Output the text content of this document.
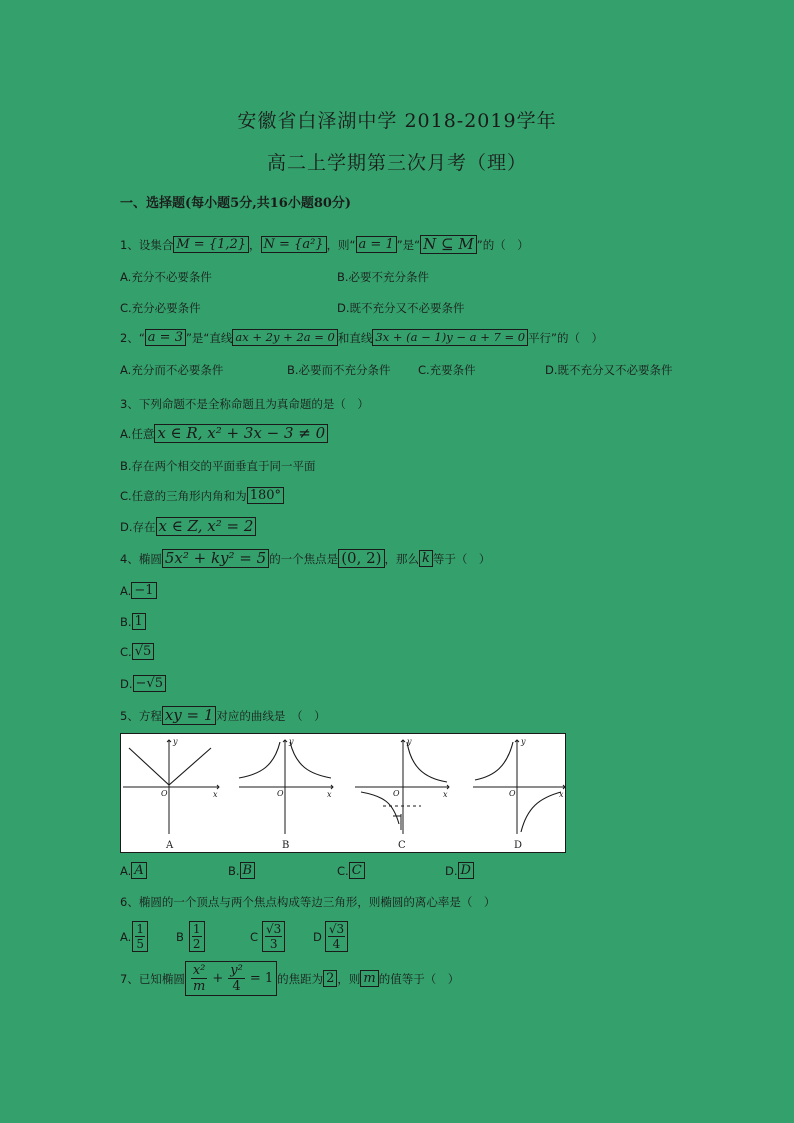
安徽省白泽湖中学 2018-2019学年
高二上学期第三次月考（理）
一、选择题(每小题5分,共16小题80分)
1、设集合 M = {1,2} ， N = {a²} ，则“ a = 1 ”是“ N ⊆ M ”的（　）
A.充分不必要条件	B.必要不充分条件
C.充分必要条件	D.既不充分又不必要条件
2、“ a = 3 ”是“直线 ax + 2y + 2a = 0 和直线 3x + (a − 1)y − a + 7 = 0 平行”的（　）
A.充分而不必要条件	B.必要而不充分条件 C.充要条件	D.既不充分又不必要条件
3、下列命题不是全称命题且为真命题的是（　）
A.任意 x ∈ R, x² + 3x − 3 ≠ 0
B.存在两个相交的平面垂直于同一平面
C.任意的三角形内角和为 180°
D.存在 x ∈ Z, x² = 2
4、椭圆 5x² + ky² = 5 的一个焦点是 (0, 2) ，那么 k 等于（　）
A. −1
B. 1
C. √5
D. −√5
5、方程 xy = 1 对应的曲线是　（　）
y
x
O
y
x
O
y
x
O
y
x
O
A	B	C	D
A. A	B. B	C. C	D. D
6、椭圆的一个顶点与两个焦点构成等边三角形，则椭圆的离心率是（　）
A. $\frac{1}{5}$ B $\frac{1}{2}$	C $\frac{√3}{3}$ D $\frac{√3}{4}$
7、已知椭圆 $\frac{\text{x²}}{m} + \frac{\text{y²}}{4} = 1$ 的焦距为 2 ，则 m 的值等于（　）
